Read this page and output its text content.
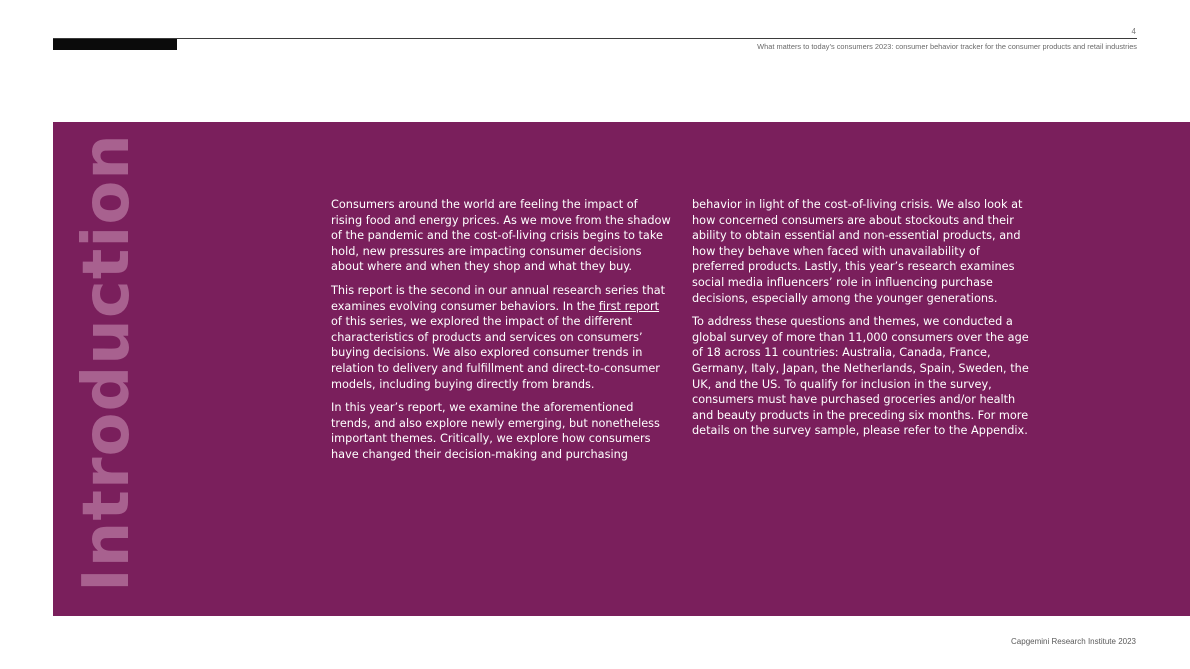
4
What matters to today’s consumers 2023: consumer behavior tracker for the consumer products and retail industries
Introduction	Consumers around the world are feeling the impact of rising food and energy prices. As we move from the shadow of the pandemic and the cost-of-living crisis begins to take hold, new pressures are impacting consumer decisions about where and when they shop and what they buy.

This report is the second in our annual research series that examines evolving consumer behaviors. In the first report of this series, we explored the impact of the different characteristics of products and services on consumers’ buying decisions. We also explored consumer trends in relation to delivery and fulfillment and direct-to-consumer models, including buying directly from brands.

In this year’s report, we examine the aforementioned trends, and also explore newly emerging, but nonetheless important themes. Critically, we explore how consumers have changed their decision-making and purchasing

behavior in light of the cost-of-living crisis. We also look at how concerned consumers are about stockouts and their ability to obtain essential and non-essential products, and how they behave when faced with unavailability of preferred products. Lastly, this year’s research examines social media influencers’ role in influencing purchase decisions, especially among the younger generations.

To address these questions and themes, we conducted a global survey of more than 11,000 consumers over the age of 18 across 11 countries: Australia, Canada, France, Germany, Italy, Japan, the Netherlands, Spain, Sweden, the UK, and the US. To qualify for inclusion in the survey, consumers must have purchased groceries and/or health and beauty products in the preceding six months. For more details on the survey sample, please refer to the Appendix.

Capgemini Research Institute 2023
